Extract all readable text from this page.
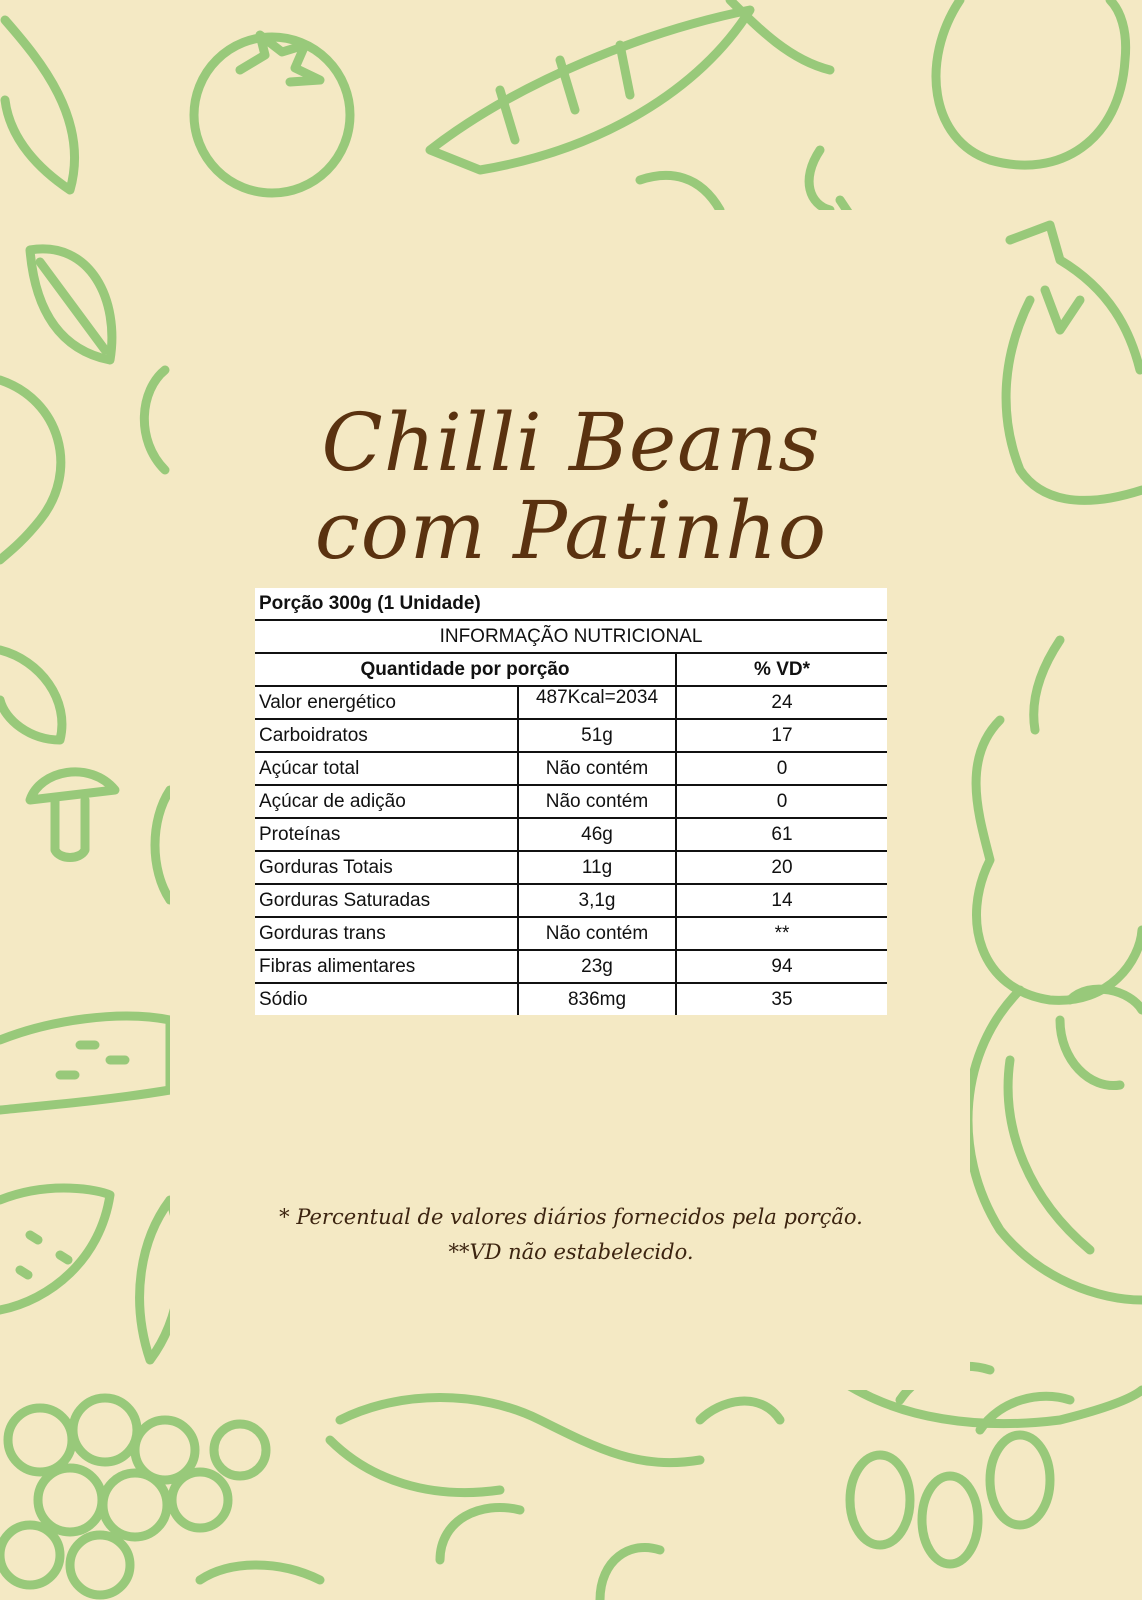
Chilli Beans
com Patinho
Porção 300g (1 Unidade)		
INFORMAÇÃO NUTRICIONAL		
Quantidade por porção		% VD*
Valor energético	487Kcal=2034	24
Carboidratos	51g	17
Açúcar total	Não contém	0
Açúcar de adição	Não contém	0
Proteínas	46g	61
Gorduras Totais	11g	20
Gorduras Saturadas	3,1g	14
Gorduras trans	Não contém	**
Fibras alimentares	23g	94
Sódio	836mg	35
* Percentual de valores diários fornecidos pela porção.
**VD não estabelecido.
